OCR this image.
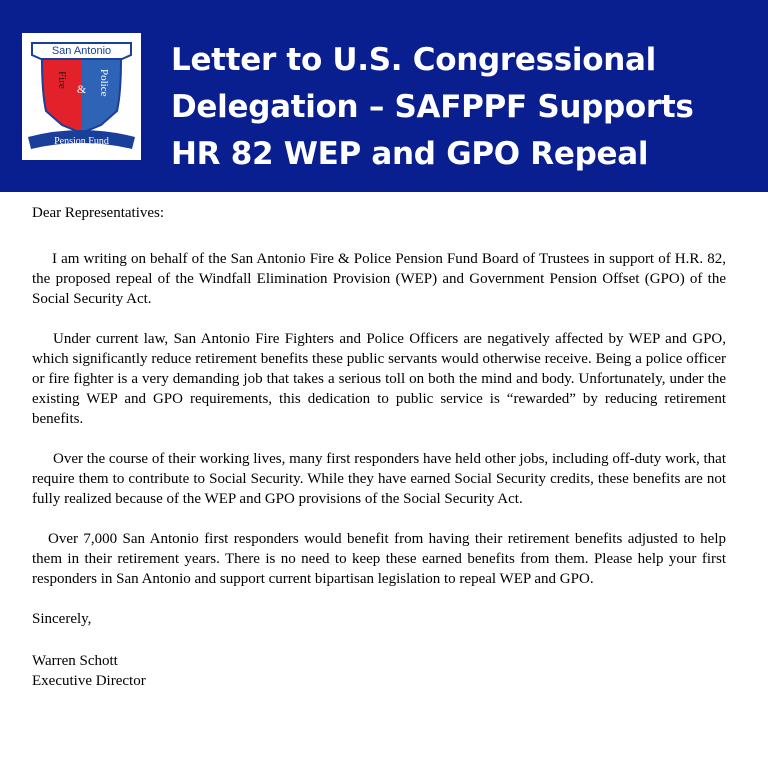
San Antonio
Fire
& Police
Pension Fund
Letter to U.S. Congressional
Delegation – SAFPPF Supports
HR 82 WEP and GPO Repeal

Dear Representatives:

I am writing on behalf of the San Antonio Fire & Police Pension Fund Board of Trustees in support of H.R. 82, the proposed repeal of the Windfall Elimination Provision (WEP) and Government Pension Offset (GPO) of the Social Security Act.

Under current law, San Antonio Fire Fighters and Police Officers are negatively affected by WEP and GPO, which significantly reduce retirement benefits these public servants would otherwise receive. Being a police officer or fire fighter is a very demanding job that takes a serious toll on both the mind and body. Unfortunately, under the existing WEP and GPO requirements, this dedication to public service is “rewarded” by reducing retirement benefits.

Over the course of their working lives, many first responders have held other jobs, including off-duty work, that require them to contribute to Social Security. While they have earned Social Security credits, these benefits are not fully realized because of the WEP and GPO provisions of the Social Security Act.

Over 7,000 San Antonio first responders would benefit from having their retirement benefits adjusted to help them in their retirement years. There is no need to keep these earned benefits from them. Please help your first responders in San Antonio and support current bipartisan legislation to repeal WEP and GPO.

Sincerely,

Warren Schott

Executive Director
